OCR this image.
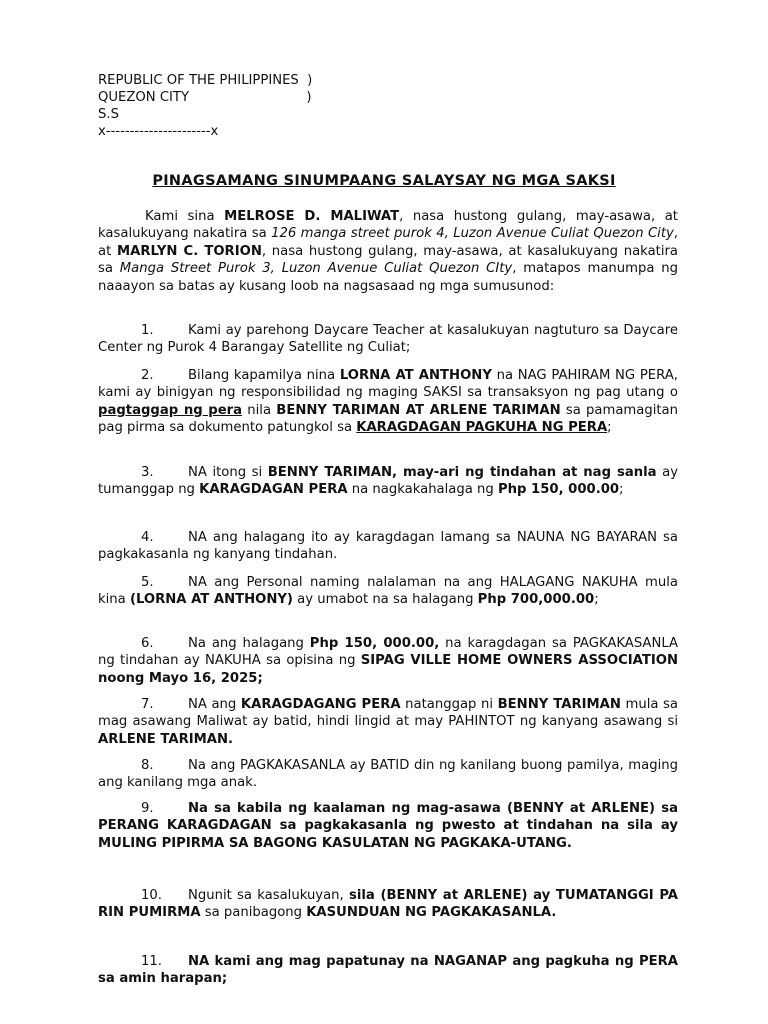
REPUBLIC OF THE PHILIPPINES  )
QUEZON CITY                            )
S.S
x----------------------x
PINAGSAMANG SINUMPAANG SALAYSAY NG MGA SAKSI
Kami sina MELROSE D. MALIWAT, nasa hustong gulang, may-asawa, at kasalukuyang nakatira sa 126 manga street purok 4, Luzon Avenue Culiat Quezon City, at MARLYN C. TORION, nasa hustong gulang, may-asawa, at kasalukuyang nakatira sa Manga Street Purok 3, Luzon Avenue Culiat Quezon CIty, matapos manumpa ng naaayon sa batas ay kusang loob na nagsasaad ng mga sumusunod:

1.	Kami ay parehong Daycare Teacher at kasalukuyan nagtuturo sa Daycare Center ng Purok 4 Barangay Satellite ng Culiat;

2.	Bilang kapamilya nina LORNA AT ANTHONY na NAG PAHIRAM NG PERA, kami ay binigyan ng responsibilidad ng maging SAKSI sa transaksyon ng pag utang o pagtaggap ng pera nila BENNY TARIMAN AT ARLENE TARIMAN sa pamamagitan pag pirma sa dokumento patungkol sa KARAGDAGAN PAGKUHA NG PERA;

3.	NA itong si BENNY TARIMAN, may-ari ng tindahan at nag sanla ay tumanggap ng KARAGDAGAN PERA na nagkakahalaga ng Php 150, 000.00;

4.	NA ang halagang ito ay karagdagan lamang sa NAUNA NG BAYARAN sa pagkakasanla ng kanyang tindahan.

5.	NA ang Personal naming nalalaman na ang HALAGANG NAKUHA mula kina (LORNA AT ANTHONY) ay umabot na sa halagang Php 700,000.00;

6.	Na ang halagang Php 150, 000.00, na karagdagan sa PAGKAKASANLA ng tindahan ay NAKUHA sa opisina ng SIPAG VILLE HOME OWNERS ASSOCIATION noong Mayo 16, 2025;

7.	NA ang KARAGDAGANG PERA natanggap ni BENNY TARIMAN mula sa mag asawang Maliwat ay batid, hindi lingid at may PAHINTOT ng kanyang asawang si ARLENE TARIMAN.

8.	Na ang PAGKAKASANLA ay BATID din ng kanilang buong pamilya, maging ang kanilang mga anak.

9.	Na sa kabila ng kaalaman ng mag-asawa (BENNY at ARLENE) sa PERANG KARAGDAGAN sa pagkakasanla ng pwesto at tindahan na sila ay MULING PIPIRMA SA BAGONG KASULATAN NG PAGKAKA-UTANG.

10. Ngunit sa kasalukuyan, sila (BENNY at ARLENE) ay TUMATANGGI PA RIN PUMIRMA sa panibagong KASUNDUAN NG PAGKAKASANLA.

11. NA kami ang mag papatunay na NAGANAP ang pagkuha ng PERA sa amin harapan;
